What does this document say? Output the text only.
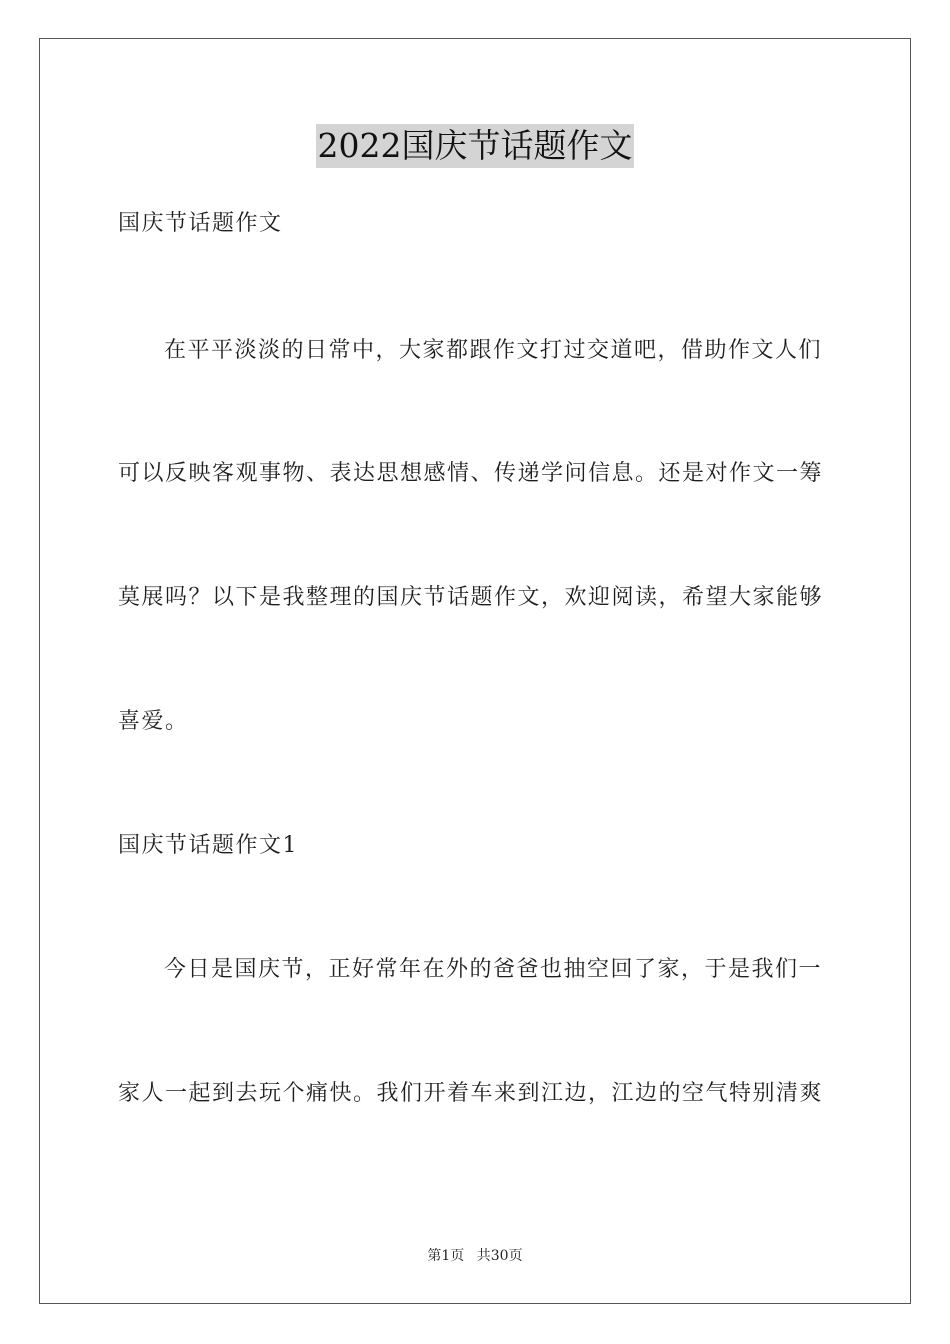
2022国庆节话题作文
国庆节话题作文
在平平淡淡的日常中，大家都跟作文打过交道吧，借助作文人们
可以反映客观事物、表达思想感情、传递学问信息。还是对作文一筹
莫展吗？以下是我整理的国庆节话题作文，欢迎阅读，希望大家能够
喜爱。
国庆节话题作文1
今日是国庆节，正好常年在外的爸爸也抽空回了家，于是我们一
家人一起到去玩个痛快。我们开着车来到江边，江边的空气特别清爽
第1页 共30页
